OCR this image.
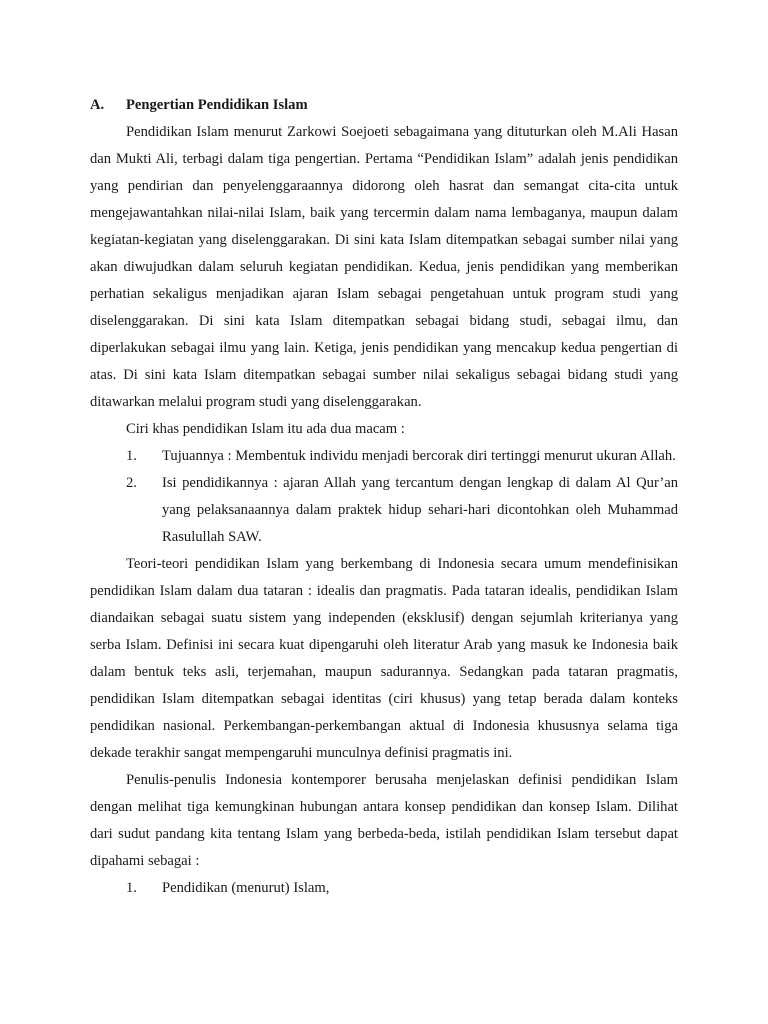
A.	Pengertian Pendidikan Islam

Pendidikan Islam menurut Zarkowi Soejoeti sebagaimana yang dituturkan oleh M.Ali Hasan dan Mukti Ali, terbagi dalam tiga pengertian. Pertama “Pendidikan Islam” adalah jenis pendidikan yang pendirian dan penyelenggaraannya didorong oleh hasrat dan semangat cita-cita untuk mengejawantahkan nilai-nilai Islam, baik yang tercermin dalam nama lembaganya, maupun dalam kegiatan-kegiatan yang diselenggarakan. Di sini kata Islam ditempatkan sebagai sumber nilai yang akan diwujudkan dalam seluruh kegiatan pendidikan. Kedua, jenis pendidikan yang memberikan perhatian sekaligus menjadikan ajaran Islam sebagai pengetahuan untuk program studi yang diselenggarakan. Di sini kata Islam ditempatkan sebagai bidang studi, sebagai ilmu, dan diperlakukan sebagai ilmu yang lain. Ketiga, jenis pendidikan yang mencakup kedua pengertian di atas. Di sini kata Islam ditempatkan sebagai sumber nilai sekaligus sebagai bidang studi yang ditawarkan melalui program studi yang diselenggarakan.

Ciri khas pendidikan Islam itu ada dua macam :

1.	Tujuannya : Membentuk individu menjadi bercorak diri tertinggi menurut ukuran Allah.
2.	Isi pendidikannya : ajaran Allah yang tercantum dengan lengkap di dalam Al Qur’an yang pelaksanaannya dalam praktek hidup sehari-hari dicontohkan oleh Muhammad Rasulullah SAW.

Teori-teori pendidikan Islam yang berkembang di Indonesia secara umum mendefinisikan pendidikan Islam dalam dua tataran : idealis dan pragmatis. Pada tataran idealis, pendidikan Islam diandaikan sebagai suatu sistem yang independen (eksklusif) dengan sejumlah kriterianya yang serba Islam. Definisi ini secara kuat dipengaruhi oleh literatur Arab yang masuk ke Indonesia baik dalam bentuk teks asli, terjemahan, maupun sadurannya. Sedangkan pada tataran pragmatis, pendidikan Islam ditempatkan sebagai identitas (ciri khusus) yang tetap berada dalam konteks pendidikan nasional. Perkembangan-perkembangan aktual di Indonesia khususnya selama tiga dekade terakhir sangat mempengaruhi munculnya definisi pragmatis ini.

Penulis-penulis Indonesia kontemporer berusaha menjelaskan definisi pendidikan Islam dengan melihat tiga kemungkinan hubungan antara konsep pendidikan dan konsep Islam. Dilihat dari sudut pandang kita tentang Islam yang berbeda-beda, istilah pendidikan Islam tersebut dapat dipahami sebagai :

1.	Pendidikan (menurut) Islam,
